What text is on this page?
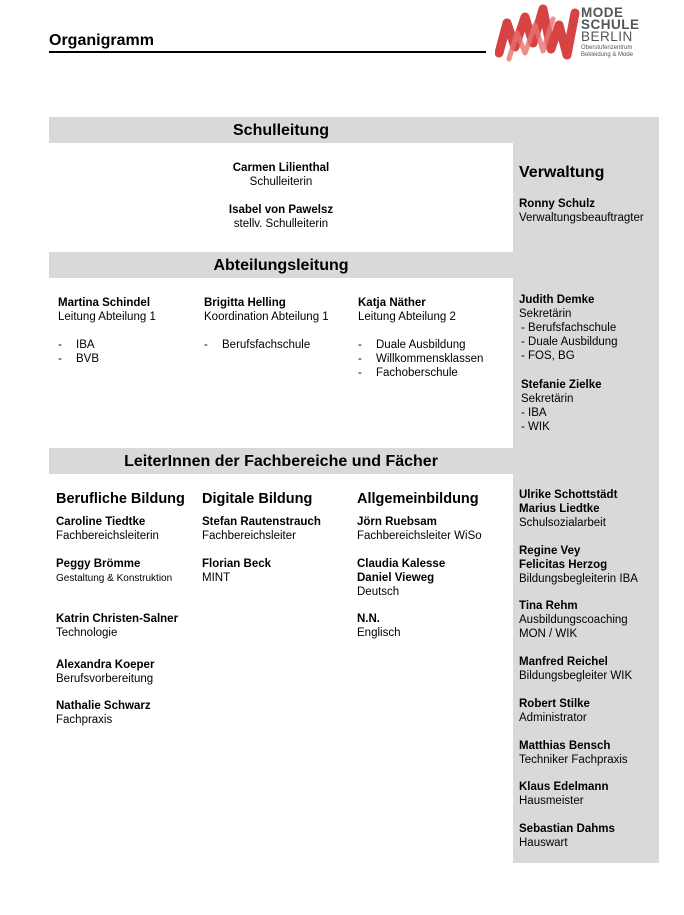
Organigramm
MODE
SCHULE
BERLIN
Oberstufenzentrum
Bekleidung & Mode
Schulleitung
Abteilungsleitung
LeiterInnen der Fachbereiche und Fächer
Carmen Lilienthal
Schulleiterin
Isabel von Pawelsz
stellv. Schulleiterin
Verwaltung
Ronny Schulz
Verwaltungsbeauftragter
Judith Demke
Sekretärin
- Berufsfachschule
- Duale Ausbildung
- FOS, BG
Stefanie Zielke
Sekretärin
- IBA
- WIK
Ulrike Schottstädt
Marius Liedtke
Schulsozialarbeit
Regine Vey
Felicitas Herzog
Bildungsbegleiterin IBA
Tina Rehm
Ausbildungscoaching
MON / WIK
Manfred Reichel
Bildungsbegleiter WIK
Robert Stilke
Administrator
Matthias Bensch
Techniker Fachpraxis
Klaus Edelmann
Hausmeister
Sebastian Dahms
Hauswart
Martina Schindel
Leitung Abteilung 1
- IBA
- BVB
Brigitta Helling
Koordination Abteilung 1
- Berufsfachschule
Katja Näther
Leitung Abteilung 2
- Duale Ausbildung
- Willkommensklassen
- Fachoberschule
Berufliche Bildung Digitale Bildung	Allgemeinbildung
Caroline Tiedtke
Fachbereichsleiterin
Peggy Brömme
Gestaltung & Konstruktion
Katrin Christen-Salner
Technologie
Alexandra Koeper
Berufsvorbereitung
Nathalie Schwarz
Fachpraxis
Stefan Rautenstrauch
Fachbereichsleiter
Florian Beck
MINT
Jörn Ruebsam
Fachbereichsleiter WiSo
Claudia Kalesse
Daniel Vieweg
Deutsch
N.N.
Englisch
